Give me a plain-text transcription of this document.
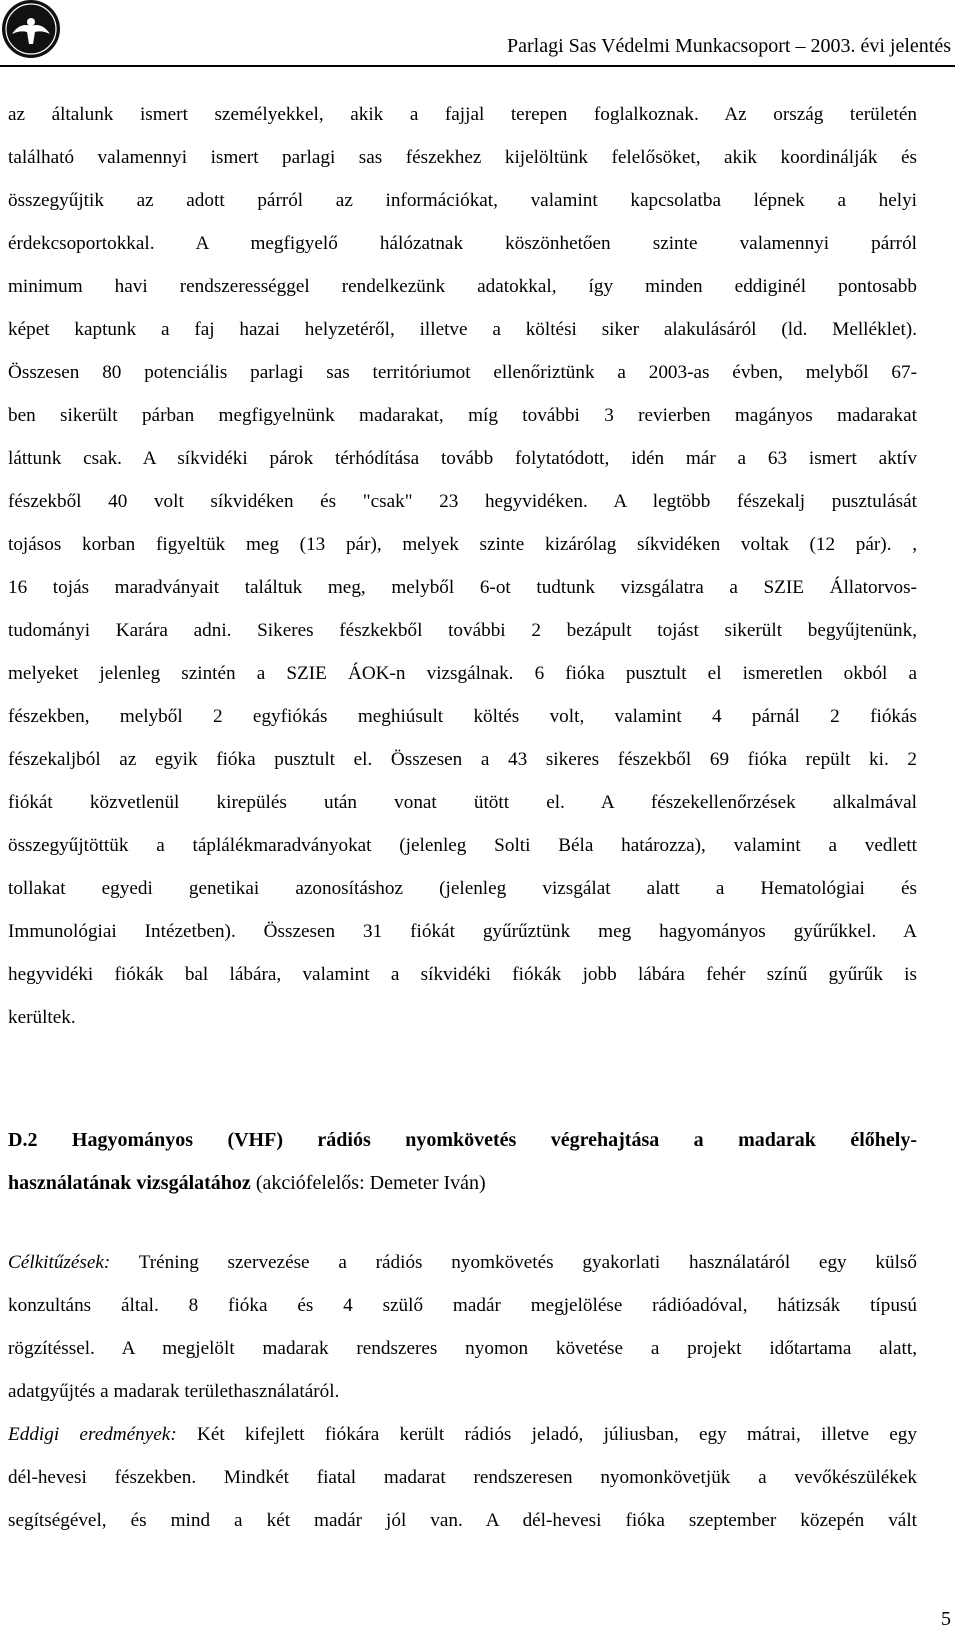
Parlagi Sas Védelmi Munkacsoport – 2003. évi jelentés
az általunk ismert személyekkel, akik a fajjal terepen foglalkoznak. Az ország területén
található valamennyi ismert parlagi sas fészekhez kijelöltünk felelősöket, akik koordinálják és
összegyűjtik az adott párról az információkat, valamint kapcsolatba lépnek a helyi
érdekcsoportokkal. A megfigyelő hálózatnak köszönhetően szinte valamennyi párról
minimum havi rendszerességgel rendelkezünk adatokkal, így minden eddiginél pontosabb
képet kaptunk a faj hazai helyzetéről, illetve a költési siker alakulásáról (ld. Melléklet).
Összesen 80 potenciális parlagi sas territóriumot ellenőriztünk a 2003-as évben, melyből 67-
ben sikerült párban megfigyelnünk madarakat, míg további 3 revierben magányos madarakat
láttunk csak. A síkvidéki párok térhódítása tovább folytatódott, idén már a 63 ismert aktív
fészekből 40 volt síkvidéken és "csak" 23 hegyvidéken. A legtöbb fészekalj pusztulását
tojásos korban figyeltük meg (13 pár), melyek szinte kizárólag síkvidéken voltak (12 pár). ,
16 tojás maradványait találtuk meg, melyből 6-ot tudtunk vizsgálatra a SZIE Állatorvos-
tudományi Karára adni. Sikeres fészkekből további 2 bezápult tojást sikerült begyűjtenünk,
melyeket jelenleg szintén a SZIE ÁOK-n vizsgálnak. 6 fióka pusztult el ismeretlen okból a
fészekben, melyből 2 egyfiókás meghiúsult költés volt, valamint 4 párnál 2 fiókás
fészekaljból az egyik fióka pusztult el. Összesen a 43 sikeres fészekből 69 fióka repült ki. 2
fiókát közvetlenül kirepülés után vonat ütött el. A fészekellenőrzések alkalmával
összegyűjtöttük a táplálékmaradványokat (jelenleg Solti Béla határozza), valamint a vedlett
tollakat egyedi genetikai azonosításhoz (jelenleg vizsgálat alatt a Hematológiai és
Immunológiai Intézetben). Összesen 31 fiókát gyűrűztünk meg hagyományos gyűrűkkel. A
hegyvidéki fiókák bal lábára, valamint a síkvidéki fiókák jobb lábára fehér színű gyűrűk is
kerültek.
D.2 Hagyományos (VHF) rádiós nyomkövetés végrehajtása a madarak élőhely-
használatának vizsgálatához (akciófelelős: Demeter Iván)
Célkitűzések: Tréning szervezése a rádiós nyomkövetés gyakorlati használatáról egy külső
konzultáns által. 8 fióka és 4 szülő madár megjelölése rádióadóval, hátizsák típusú
rögzítéssel. A megjelölt madarak rendszeres nyomon követése a projekt időtartama alatt,
adatgyűjtés a madarak területhasználatáról.
Eddigi eredmények: Két kifejlett fiókára került rádiós jeladó, júliusban, egy mátrai, illetve egy
dél-hevesi fészekben. Mindkét fiatal madarat rendszeresen nyomonkövetjük a vevőkészülékek
segítségével, és mind a két madár jól van. A dél-hevesi fióka szeptember közepén vált
5
